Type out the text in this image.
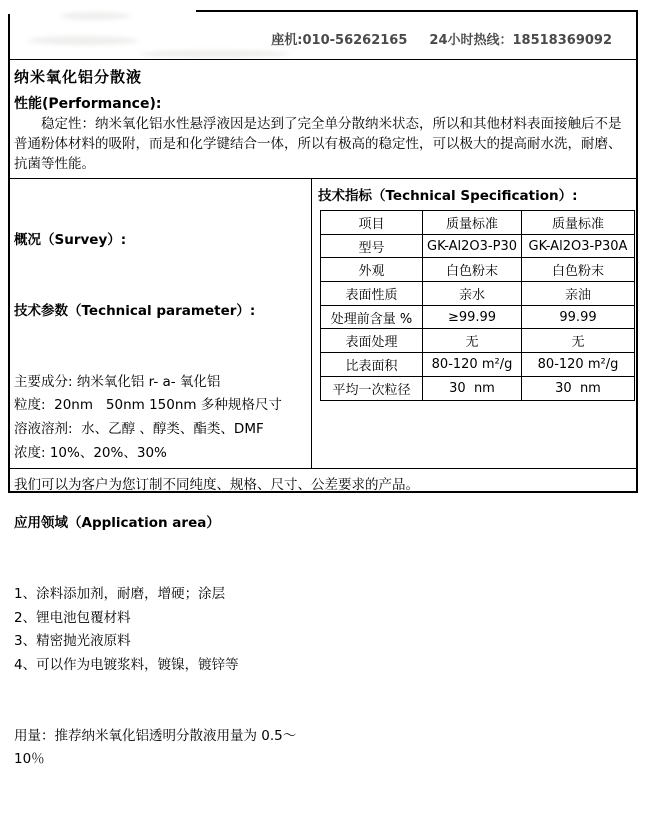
座机:010-56262165 24小时热线：18518369092
纳米氧化铝分散液
性能(Performance):
稳定性：纳米氧化铝水性悬浮液因是达到了完全单分散纳米状态，所以和其他材料表面接触后不是普通粉体材料的吸附，而是和化学键结合一体，所以有极高的稳定性，可以极大的提高耐水洗，耐磨、抗菌等性能。

概况（Survey）:

技术参数（Technical parameter）:

主要成分: 纳米氧化铝 r- a- 氧化铝
粒度:  20nm   50nm 150nm 多种规格尺寸
溶液溶剂:  水、乙醇 、醇类、酯类、DMF
浓度: 10%、20%、30%

应用领域（Application area）

1、涂料添加剂，耐磨，增硬；涂层
2、锂电池包覆材料
3、精密抛光液原料
4、可以作为电镀浆料，镀镍，镀锌等

用量：推荐纳米氧化铝透明分散液用量为 0.5～10％

技术指标（Technical Specification）:
项目	质量标准	质量标准
型号	GK-Al2O3-P30	GK-Al2O3-P30A
外观	白色粉末	白色粉末
表面性质	亲水	亲油
处理前含量 %	≥99.99	99.99
表面处理	无	无
比表面积	80-120 m²/g	80-120 m²/g
平均一次粒径	30  nm	30  nm
我们可以为客户为您订制不同纯度、规格、尺寸、公差要求的产品。
